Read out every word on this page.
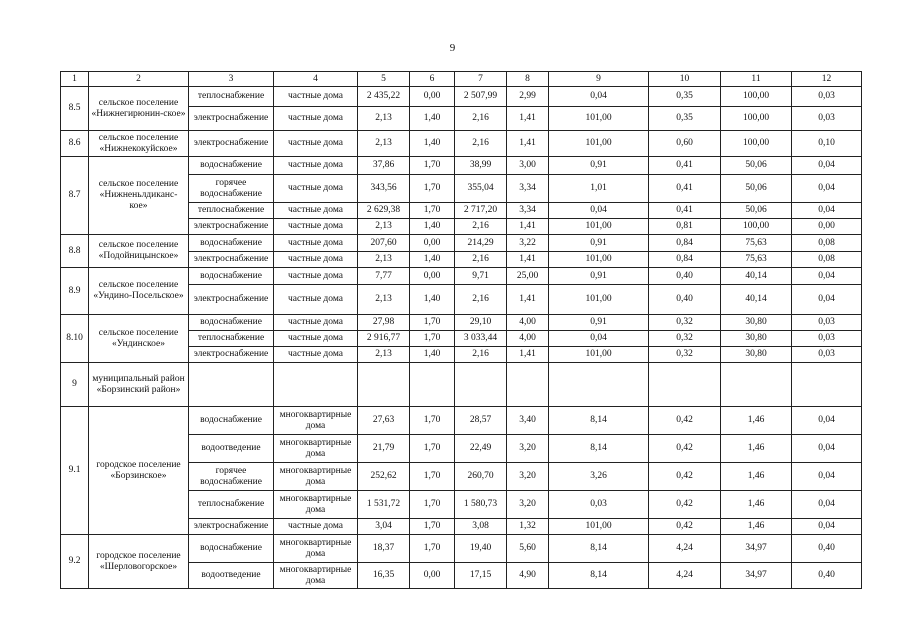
9
1	2	3	4	5	6	7	8	9	10	11	12
8.5	сельское поселение «Нижнегирюнин-ское»	теплоснабжение	частные дома	2 435,22	0,00	2 507,99	2,99	0,04	0,35	100,00	0,03
		электроснабжение	частные дома	2,13	1,40	2,16	1,41	101,00	0,35	100,00	0,03
8.6	сельское поселение «Нижнекокуйское»	электроснабжение	частные дома	2,13	1,40	2,16	1,41	101,00	0,60	100,00	0,10
8.7	сельское поселение «Нижненьлдиканс-кое»	водоснабжение	частные дома	37,86	1,70	38,99	3,00	0,91	0,41	50,06	0,04
		горячее водоснабжение	частные дома	343,56	1,70	355,04	3,34	1,01	0,41	50,06	0,04
		теплоснабжение	частные дома	2 629,38	1,70	2 717,20	3,34	0,04	0,41	50,06	0,04
		электроснабжение	частные дома	2,13	1,40	2,16	1,41	101,00	0,81	100,00	0,00
8.8	сельское поселение «Подойницынское»	водоснабжение	частные дома	207,60	0,00	214,29	3,22	0,91	0,84	75,63	0,08
		электроснабжение	частные дома	2,13	1,40	2,16	1,41	101,00	0,84	75,63	0,08
8.9	сельское поселение «Ундино-Посельское»	водоснабжение	частные дома	7,77	0,00	9,71	25,00	0,91	0,40	40,14	0,04
		электроснабжение	частные дома	2,13	1,40	2,16	1,41	101,00	0,40	40,14	0,04
8.10	сельское поселение «Ундинское»	водоснабжение	частные дома	27,98	1,70	29,10	4,00	0,91	0,32	30,80	0,03
		теплоснабжение	частные дома	2 916,77	1,70	3 033,44	4,00	0,04	0,32	30,80	0,03
		электроснабжение	частные дома	2,13	1,40	2,16	1,41	101,00	0,32	30,80	0,03
9	муниципальный район «Борзинский район»										
9.1	городское поселение «Борзинское»	водоснабжение	многоквартирные дома	27,63	1,70	28,57	3,40	8,14	0,42	1,46	0,04
		водоотведение	многоквартирные дома	21,79	1,70	22,49	3,20	8,14	0,42	1,46	0,04
		горячее водоснабжение	многоквартирные дома	252,62	1,70	260,70	3,20	3,26	0,42	1,46	0,04
		теплоснабжение	многоквартирные дома	1 531,72	1,70	1 580,73	3,20	0,03	0,42	1,46	0,04
		электроснабжение	частные дома	3,04	1,70	3,08	1,32	101,00	0,42	1,46	0,04
9.2	городское поселение «Шерловогорское»	водоснабжение	многоквартирные дома	18,37	1,70	19,40	5,60	8,14	4,24	34,97	0,40
		водоотведение	многоквартирные дома	16,35	0,00	17,15	4,90	8,14	4,24	34,97	0,40
